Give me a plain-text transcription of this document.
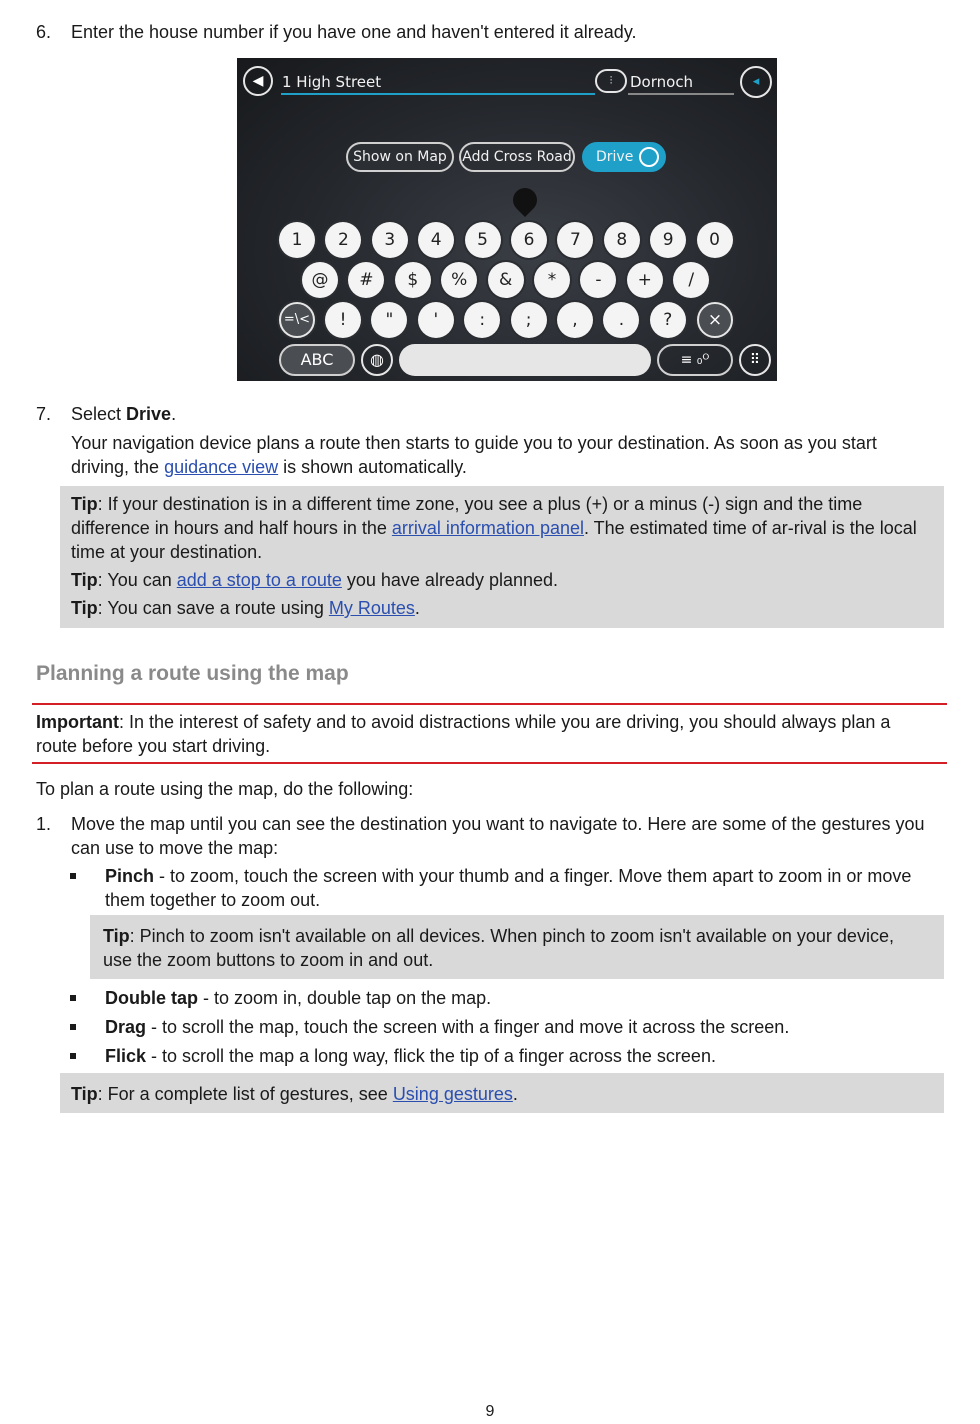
6. Enter the house number if you have one and haven't entered it already.
◀	1 High Street	⫶	Dornoch	◂
Show on Map	Add Cross Road Drive
1	2	3	4	5	6	7	8	9	0
@	#	$	%	&	*	-	+	/
!	"	'	:	;	,	.	?
=\<	×
ABC	◍	≡ ₀ᴼ	⠿
7. Select Drive.
Your navigation device plans a route then starts to guide you to your destination. As soon as you start driving, the guidance view is shown automatically.

Tip: If your destination is in a different time zone, you see a plus (+) or a minus (-) sign and the time difference in hours and half hours in the arrival information panel. The estimated time of ar-rival is the local time at your destination.

Tip: You can add a stop to a route you have already planned.

Tip: You can save a route using My Routes.

Planning a route using the map
Important: In the interest of safety and to avoid distractions while you are driving, you should always plan a route before you start driving.
To plan a route using the map, do the following:
1. Move the map until you can see the destination you want to navigate to. Here are some of the gestures you can use to move the map:
Pinch - to zoom, touch the screen with your thumb and a finger. Move them apart to zoom in or move them together to zoom out.
Tip: Pinch to zoom isn't available on all devices. When pinch to zoom isn't available on your device, use the zoom buttons to zoom in and out.
Double tap - to zoom in, double tap on the map.
Drag - to scroll the map, touch the screen with a finger and move it across the screen.
Flick - to scroll the map a long way, flick the tip of a finger across the screen.
Tip: For a complete list of gestures, see Using gestures.
9
